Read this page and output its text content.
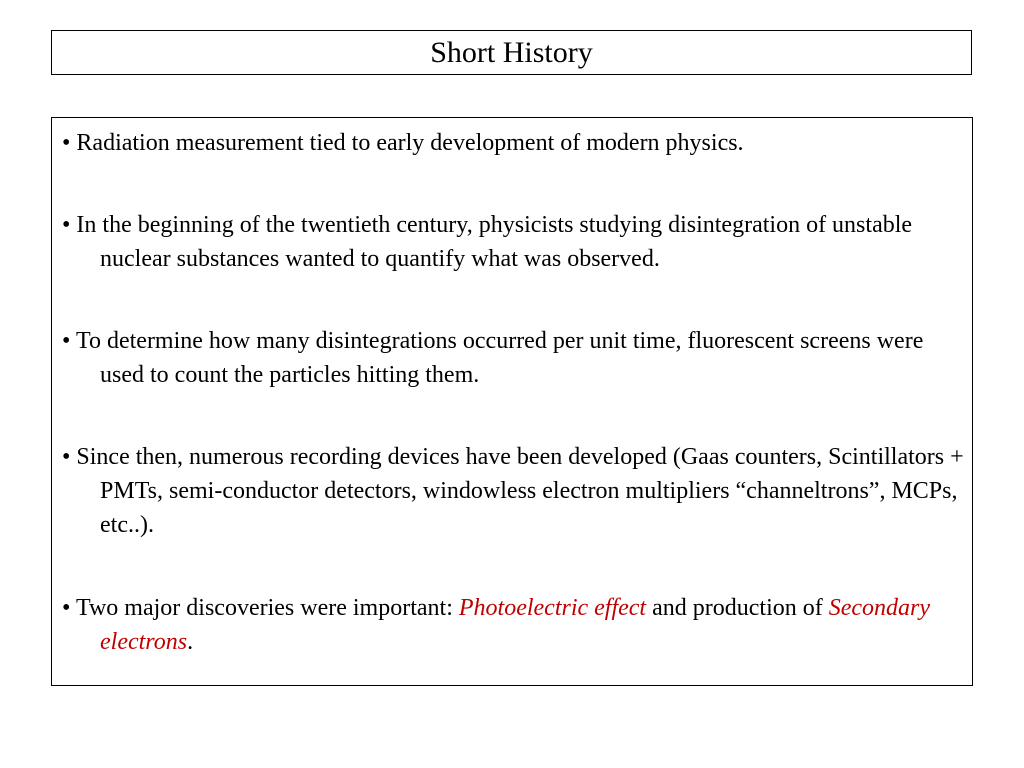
Short History
• Radiation measurement tied to early development of modern physics.
• In the beginning of the twentieth century, physicists studying disintegration of unstable nuclear substances wanted to quantify what was observed.
• To determine how many disintegrations occurred per unit time, fluorescent screens were used to count the particles hitting them.
• Since then, numerous recording devices have been developed (Gaas counters, Scintillators + PMTs, semi-conductor detectors, windowless electron multipliers “channeltrons”, MCPs, etc..).
• Two major discoveries were important: Photoelectric effect and production of Secondary electrons.
